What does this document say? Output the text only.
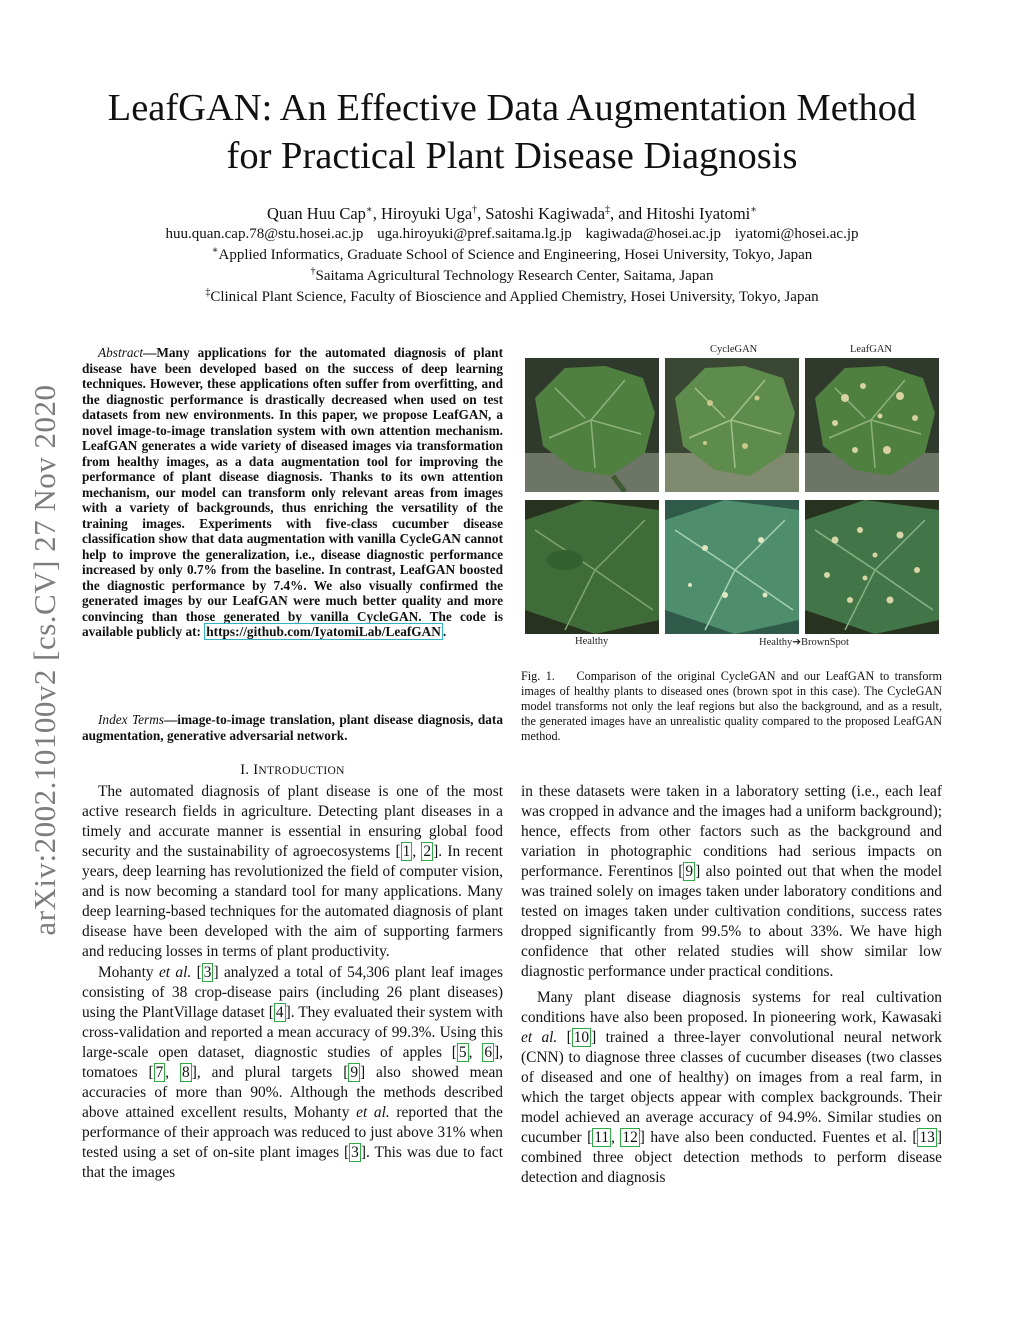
arXiv:2002.10100v2 [cs.CV] 27 Nov 2020
LeafGAN: An Effective Data Augmentation Method
for Practical Plant Disease Diagnosis
Quan Huu Cap∗, Hiroyuki Uga†, Satoshi Kagiwada‡, and Hitoshi Iyatomi∗
huu.quan.cap.78@stu.hosei.ac.jp uga.hiroyuki@pref.saitama.lg.jp kagiwada@hosei.ac.jp iyatomi@hosei.ac.jp
∗Applied Informatics, Graduate School of Science and Engineering, Hosei University, Tokyo, Japan
†Saitama Agricultural Technology Research Center, Saitama, Japan
‡Clinical Plant Science, Faculty of Bioscience and Applied Chemistry, Hosei University, Tokyo, Japan

Abstract—Many applications for the automated diagnosis of plant disease have been developed based on the success of deep learning techniques. However, these applications often suffer from overfitting, and the diagnostic performance is drastically decreased when used on test datasets from new environments. In this paper, we propose LeafGAN, a novel image-to-image translation system with own attention mechanism. LeafGAN generates a wide variety of diseased images via transformation from healthy images, as a data augmentation tool for improving the performance of plant disease diagnosis. Thanks to its own attention mechanism, our model can transform only relevant areas from images with a variety of backgrounds, thus enriching the versatility of the training images. Experiments with five-class cucumber disease classification show that data augmentation with vanilla CycleGAN cannot help to improve the generalization, i.e., disease diagnostic performance increased by only 0.7% from the baseline. In contrast, LeafGAN boosted the diagnostic performance by 7.4%. We also visually confirmed the generated images by our LeafGAN were much better quality and more convincing than those generated by vanilla CycleGAN. The code is available publicly at: https://github.com/IyatomiLab/LeafGAN .

Index Terms—image-to-image translation, plant disease diagnosis, data augmentation, generative adversarial network.

I. INTRODUCTION

The automated diagnosis of plant disease is one of the most active research fields in agriculture. Detecting plant diseases in a timely and accurate manner is essential in ensuring global food security and the sustainability of agroecosystems [ 1 , 2 ]. In recent years, deep learning has revolutionized the field of computer vision, and is now becoming a standard tool for many applications. Many deep learning-based techniques for the automated diagnosis of plant disease have been developed with the aim of supporting farmers and reducing losses in terms of plant productivity.

Mohanty et al. [ 3 ] analyzed a total of 54,306 plant leaf images consisting of 38 crop-disease pairs (including 26 plant diseases) using the PlantVillage dataset [ 4 ]. They evaluated their system with cross-validation and reported a mean accuracy of 99.3%. Using this large-scale open dataset, diagnostic studies of apples [ 5 , 6 ], tomatoes [ 7 , 8 ], and plural targets [ 9 ] also showed mean accuracies of more than 90%. Although the methods described above attained excellent results, Mohanty et al. reported that the performance of their approach was reduced to just above 31% when tested using a set of on-site plant images [ 3 ]. This was due to fact that the images

CycleGAN	LeafGAN
Healthy	Healthy➔BrownSpot
Fig. 1. Comparison of the original CycleGAN and our LeafGAN to transform images of healthy plants to diseased ones (brown spot in this case). The CycleGAN model transforms not only the leaf regions but also the background, and as a result, the generated images have an unrealistic quality compared to the proposed LeafGAN method.

in these datasets were taken in a laboratory setting (i.e., each leaf was cropped in advance and the images had a uniform background); hence, effects from other factors such as the background and variation in photographic conditions had serious impacts on performance. Ferentinos [ 9 ] also pointed out that when the model was trained solely on images taken under laboratory conditions and tested on images taken under cultivation conditions, success rates dropped significantly from 99.5% to about 33%. We have high confidence that other related studies will show similar low diagnostic performance under practical conditions.

Many plant disease diagnosis systems for real cultivation conditions have also been proposed. In pioneering work, Kawasaki et al. [ 10 ] trained a three-layer convolutional neural network (CNN) to diagnose three classes of cucumber diseases (two classes of diseased and one of healthy) on images from a real farm, in which the target objects appear with complex backgrounds. Their model achieved an average accuracy of 94.9%. Similar studies on cucumber [ 11 , 12 ] have also been conducted. Fuentes et al. [ 13 ] combined three object detection methods to perform disease detection and diagnosis
